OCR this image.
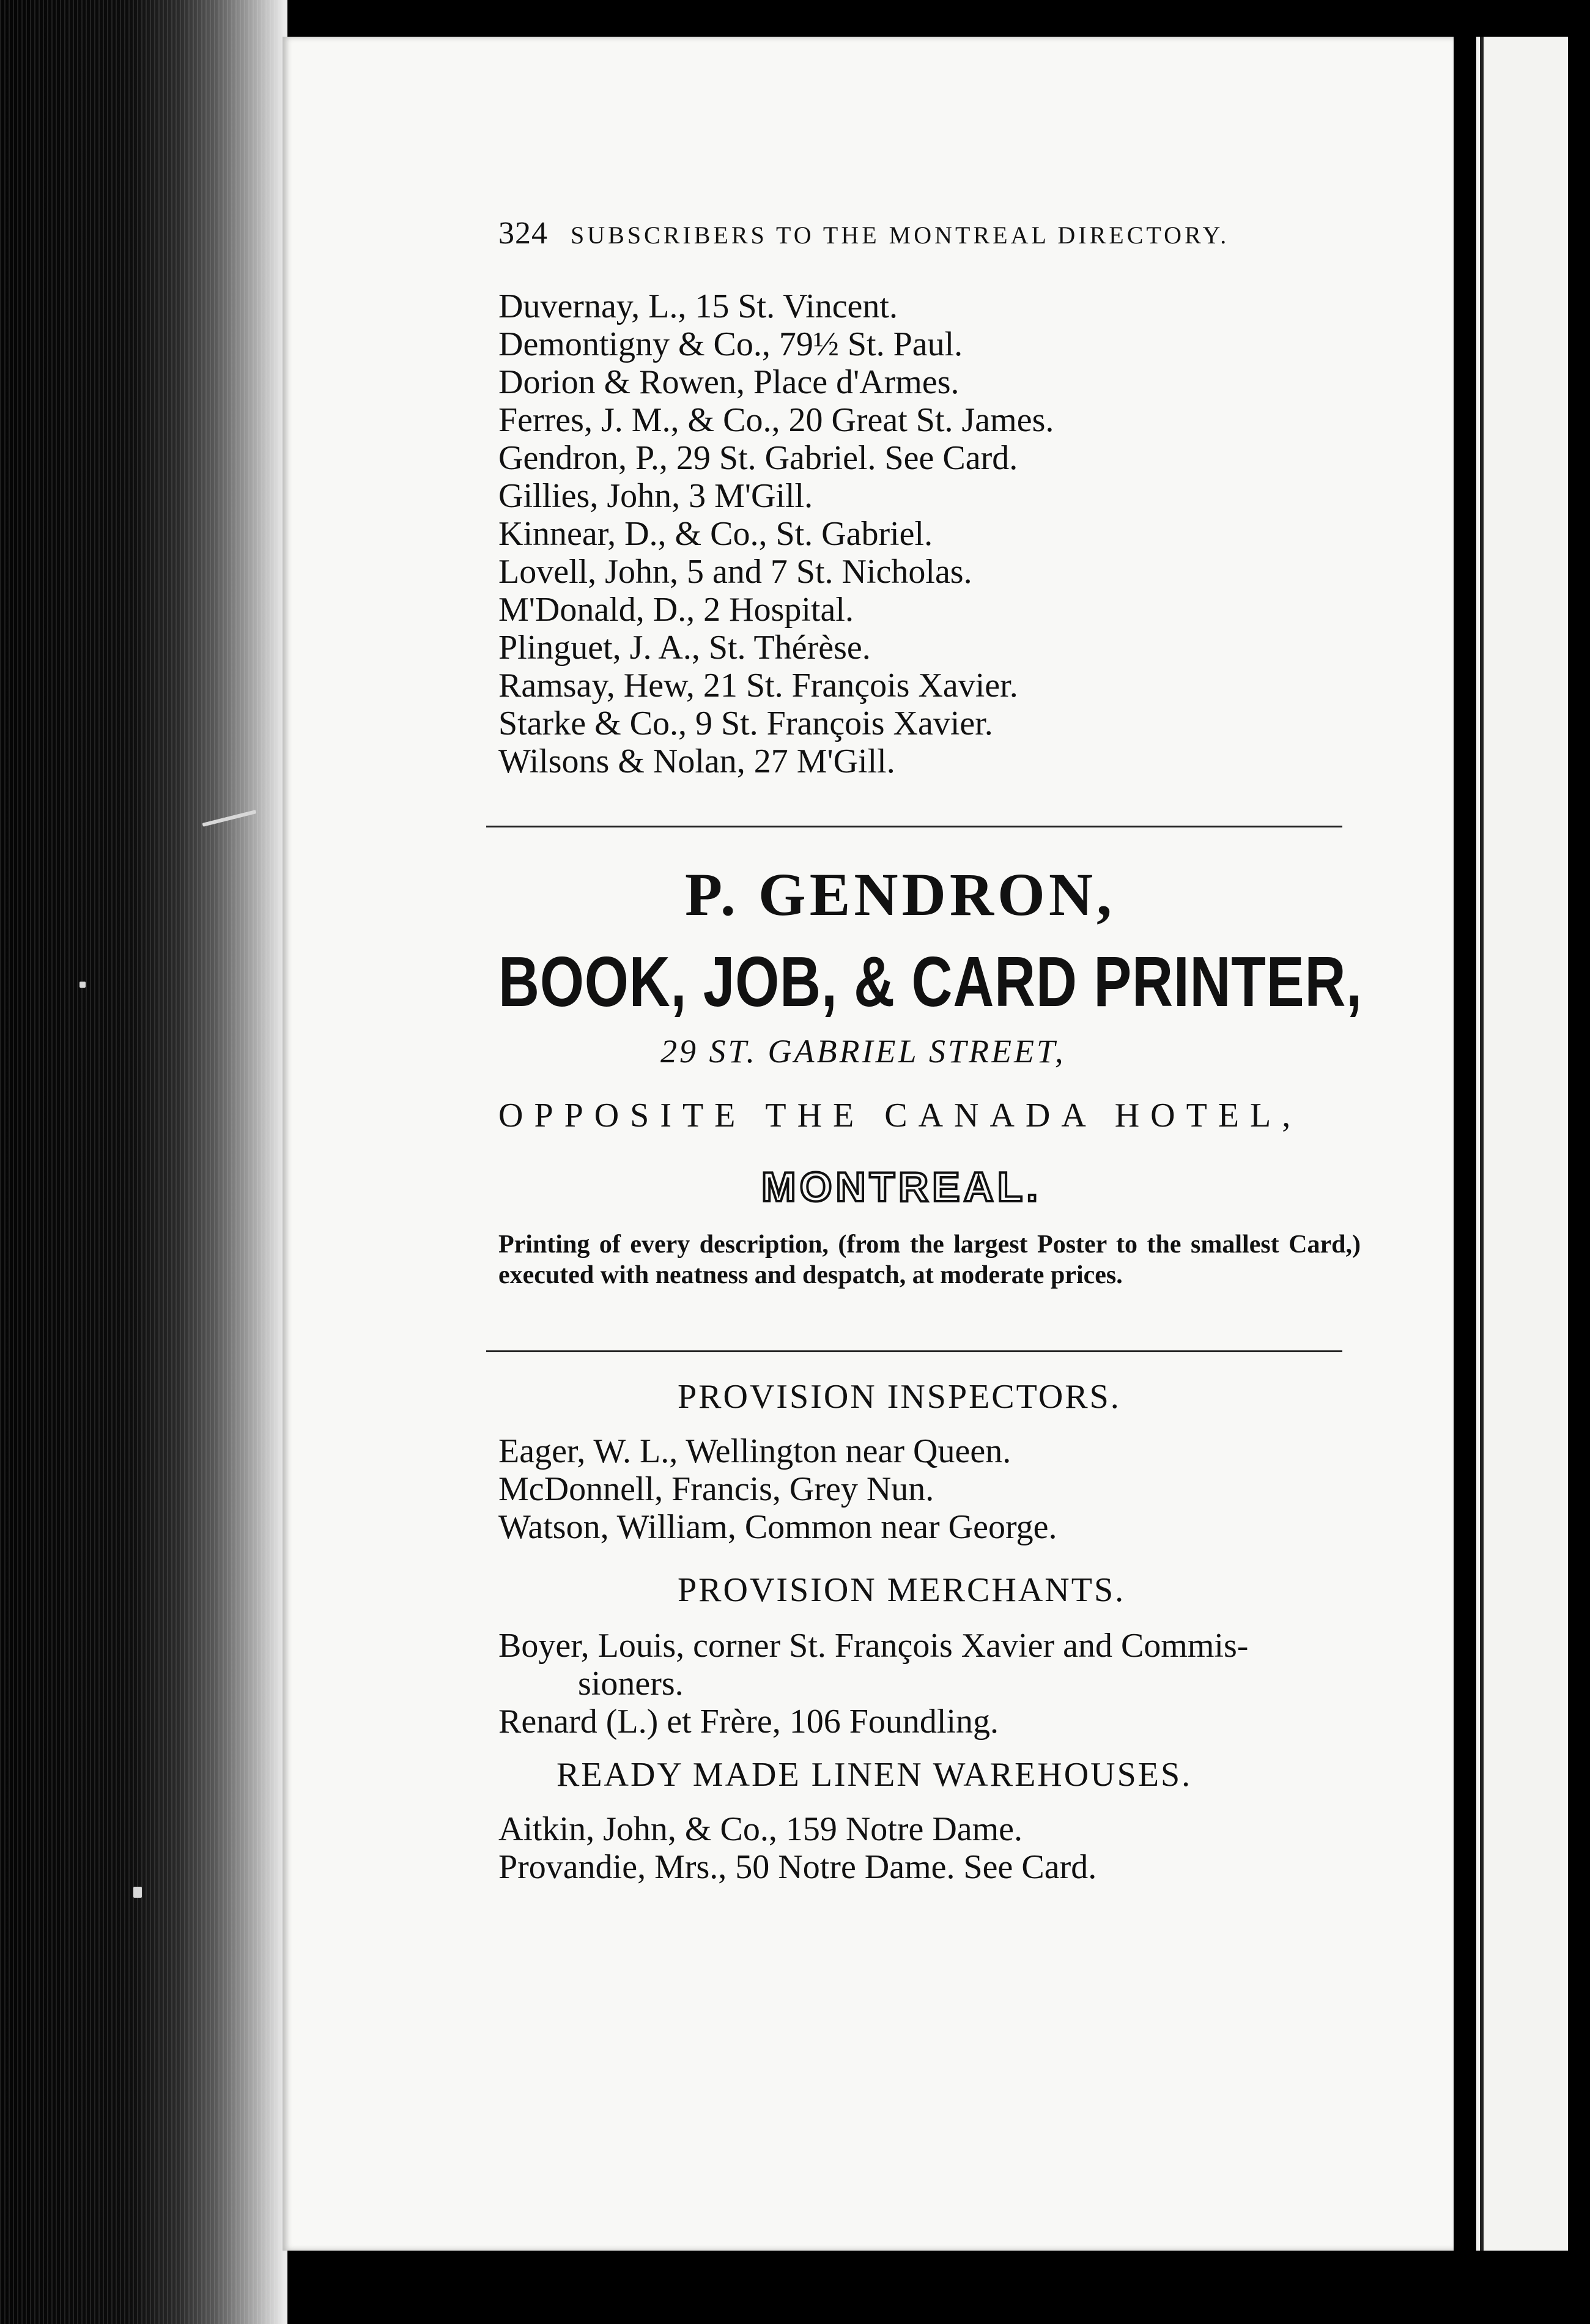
324 SUBSCRIBERS TO THE MONTREAL DIRECTORY.
Duvernay, L., 15 St. Vincent.
Demontigny & Co., 79½ St. Paul.
Dorion & Rowen, Place d'Armes.
Ferres, J. M., & Co., 20 Great St. James.
Gendron, P., 29 St. Gabriel. See Card.
Gillies, John, 3 M'Gill.
Kinnear, D., & Co., St. Gabriel.
Lovell, John, 5 and 7 St. Nicholas.
M'Donald, D., 2 Hospital.
Plinguet, J. A., St. Thérèse.
Ramsay, Hew, 21 St. François Xavier.
Starke & Co., 9 St. François Xavier.
Wilsons & Nolan, 27 M'Gill.
P. GENDRON,
BOOK, JOB, & CARD PRINTER,
29 ST. GABRIEL STREET,
OPPOSITE THE CANADA HOTEL,
MONTREAL.

Printing of every description, (from the largest Poster to the smallest Card,) executed with neatness and despatch, at moderate prices.

PROVISION INSPECTORS.
Eager, W. L., Wellington near Queen.
McDonnell, Francis, Grey Nun.
Watson, William, Common near George.
PROVISION MERCHANTS.
Boyer, Louis, corner St. François Xavier and Commis-
sioners.
Renard (L.) et Frère, 106 Foundling.
READY MADE LINEN WAREHOUSES.
Aitkin, John, & Co., 159 Notre Dame.
Provandie, Mrs., 50 Notre Dame. See Card.
